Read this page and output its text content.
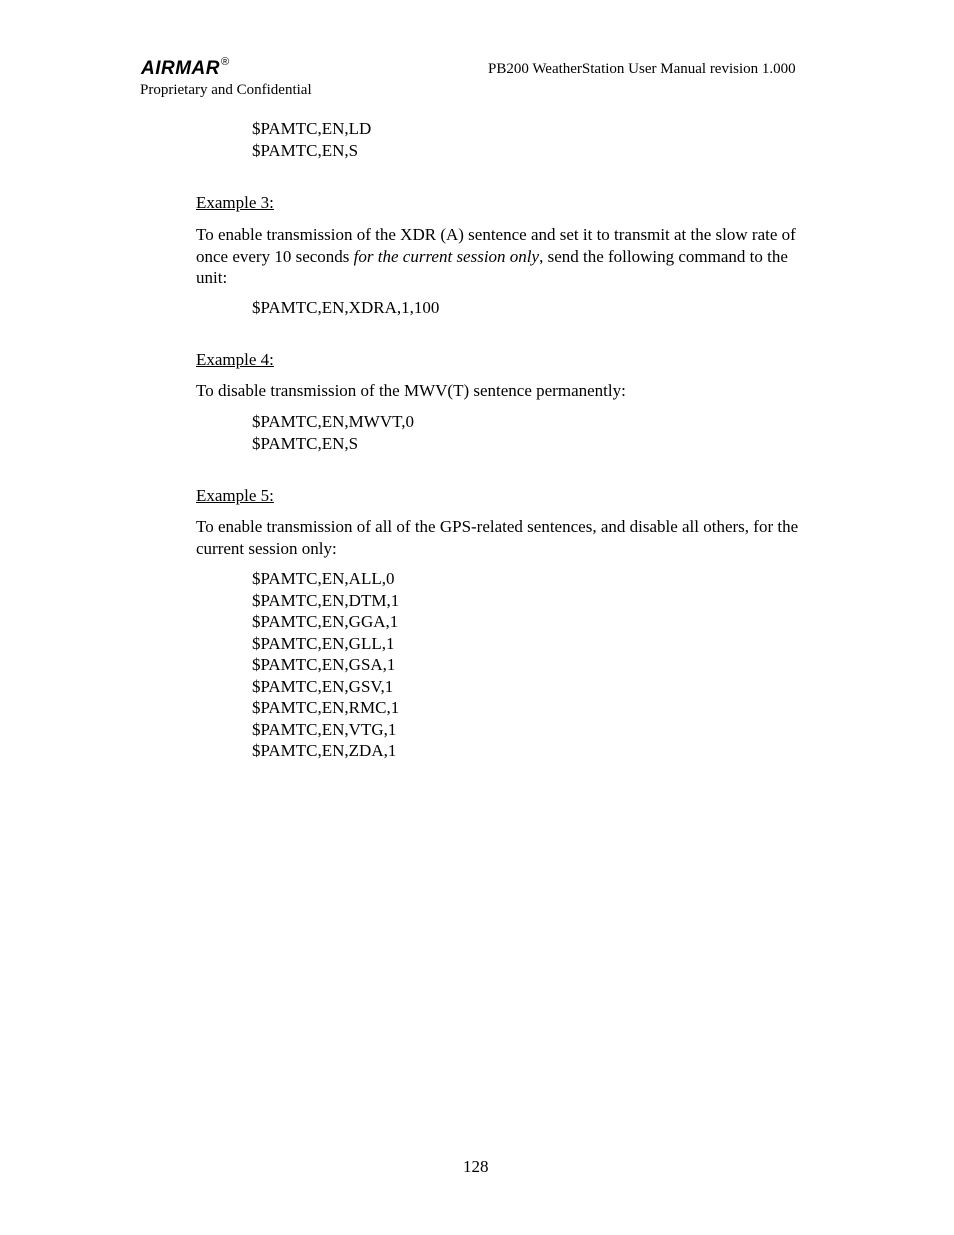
AIRMAR®
Proprietary and Confidential
PB200 WeatherStation User Manual revision 1.000
$PAMTC,EN,LD
$PAMTC,EN,S
Example 3:
To enable transmission of the XDR (A) sentence and set it to transmit at the slow rate of once every 10 seconds for the current session only, send the following command to the unit:
$PAMTC,EN,XDRA,1,100
Example 4:
To disable transmission of the MWV(T) sentence permanently:
$PAMTC,EN,MWVT,0
$PAMTC,EN,S
Example 5:
To enable transmission of all of the GPS-related sentences, and disable all others, for the current session only:
$PAMTC,EN,ALL,0
$PAMTC,EN,DTM,1
$PAMTC,EN,GGA,1
$PAMTC,EN,GLL,1
$PAMTC,EN,GSA,1
$PAMTC,EN,GSV,1
$PAMTC,EN,RMC,1
$PAMTC,EN,VTG,1
$PAMTC,EN,ZDA,1
128
